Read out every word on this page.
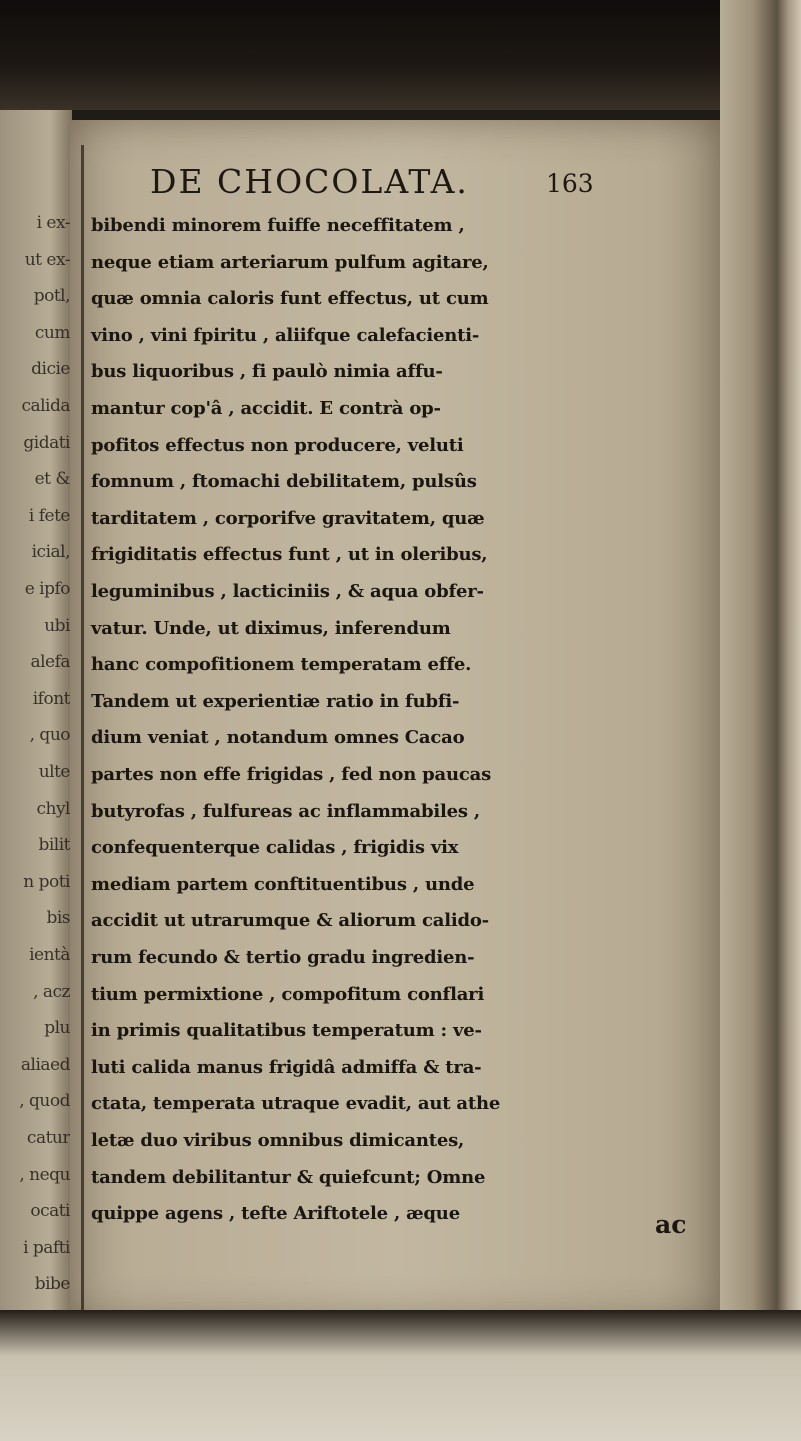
i ex-

ut ex-

potl,

cum

dicie

calida

gidati

et &

i fete

icial,

e ipfo

ubi

alefa

ifont

, quo

ulte

chyl

bilit

n poti

bis

ientà

, acz

plu

aliaed

, quod

catur

, nequ

ocati

i pafti

bibe

DE CHOCOLATA.	163

bibendi minorem fuiffe neceffitatem ,

neque etiam arteriarum pulfum agitare,

quæ omnia caloris funt effectus, ut cum

vino , vini fpiritu , aliifque calefacienti-

bus liquoribus , fi paulò nimia affu-

mantur cop'â , accidit. E contrà op-

pofitos effectus non producere, veluti

fomnum , ftomachi debilitatem, pulsûs

tarditatem , corporifve gravitatem, quæ

frigiditatis effectus funt , ut in oleribus,

leguminibus , lacticiniis , & aqua obfer-

vatur. Unde, ut diximus, inferendum

hanc compofitionem temperatam effe.

Tandem ut experientiæ ratio in fubfi-

dium veniat , notandum omnes Cacao

partes non effe frigidas , fed non paucas

butyrofas , fulfureas ac inflammabiles ,

confequenterque calidas , frigidis vix

mediam partem conftituentibus , unde

accidit ut utrarumque & aliorum calido-

rum fecundo & tertio gradu ingredien-

tium permixtione , compofitum conflari

in primis qualitatibus temperatum : ve-

luti calida manus frigidâ admiffa & tra-

ctata, temperata utraque evadit, aut athe

letæ duo viribus omnibus dimicantes,

tandem debilitantur & quiefcunt; Omne

quippe agens , tefte Ariftotele , æque	ac
